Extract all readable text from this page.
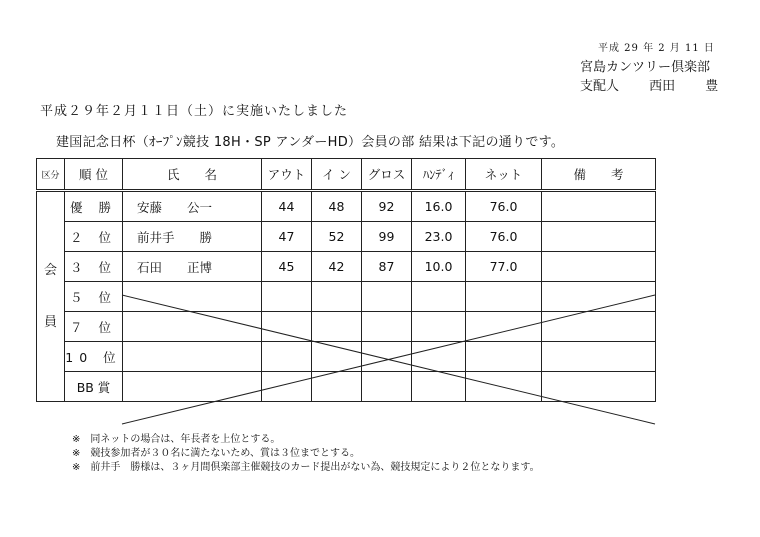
平成 29 年 2 月 11 日
宮島カンツリー倶楽部
支配人 西田 豊
平成２９年２月１１日（土）に実施いたしました
建国記念日杯（ｵｰﾌﾟﾝ競技 18H・SP アンダーHD）会員の部 結果は下記の通りです。
区分	順 位	氏　　名	アウト	イ ン	グロス	ﾊﾝﾃﾞｨ	ネット	備　　考

会
員	優 勝	安藤　　公一	44	48	92	16.0	76.0	
	２ 位	前井手　　勝	47	52	99	23.0	76.0	
	３ 位	石田　　正博	45	42	87	10.0	77.0	
	５ 位							
	７ 位							
	10 位							
	BB 賞							
※　同ネットの場合は、年長者を上位とする。
※　競技参加者が３０名に満たないため、賞は３位までとする。
※　前井手　勝様は、３ヶ月間倶楽部主催競技のカード提出がない為、競技規定により２位となります。
